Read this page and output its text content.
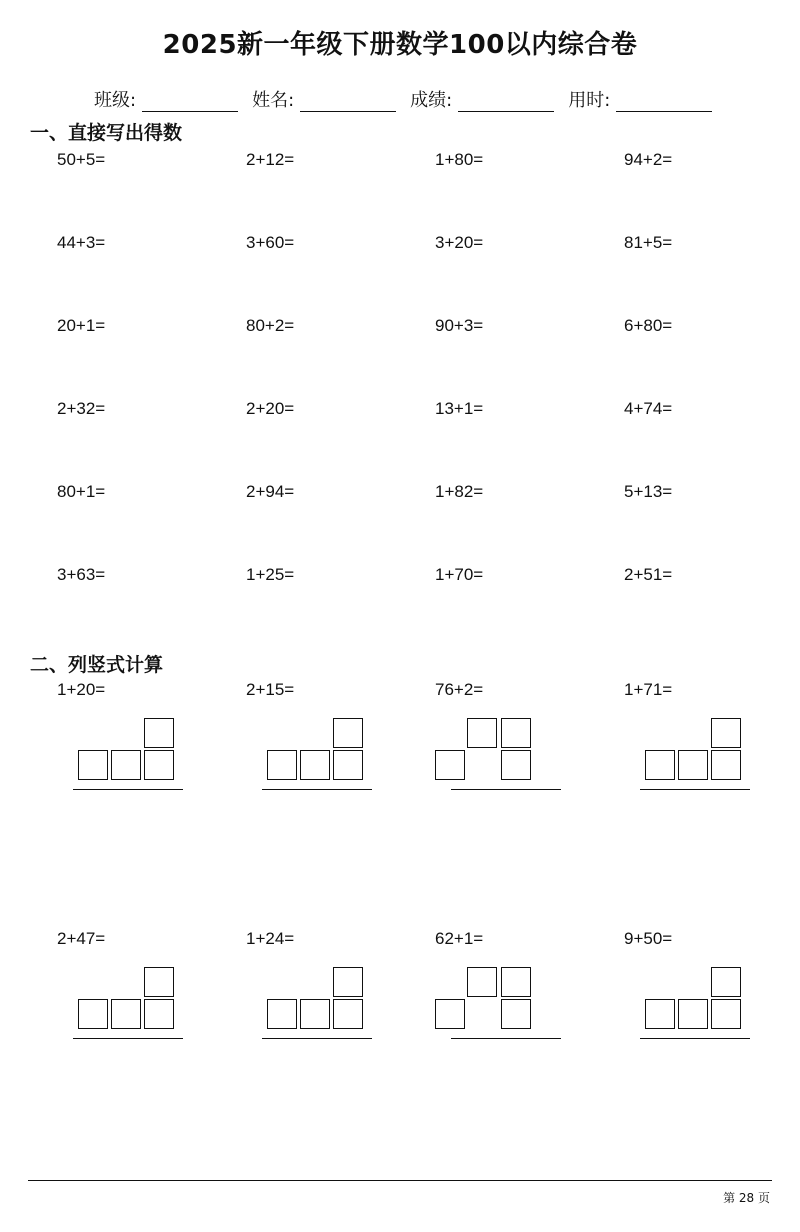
2025新一年级下册数学100以内综合卷
班级:	姓名:	成绩:	用时:
一、直接写出得数
50+5=	2+12=	1+80=	94+2=
44+3=	3+60=	3+20=	81+5=
20+1=	80+2=	90+3=	6+80=
2+32=	2+20=	13+1=	4+74=
80+1=	2+94=	1+82=	5+13=
3+63=	1+25=	1+70=	2+51=
二、列竖式计算
1+20=	2+15=	76+2=	1+71=
2+47=	1+24=	62+1=	9+50=
第 28 页
